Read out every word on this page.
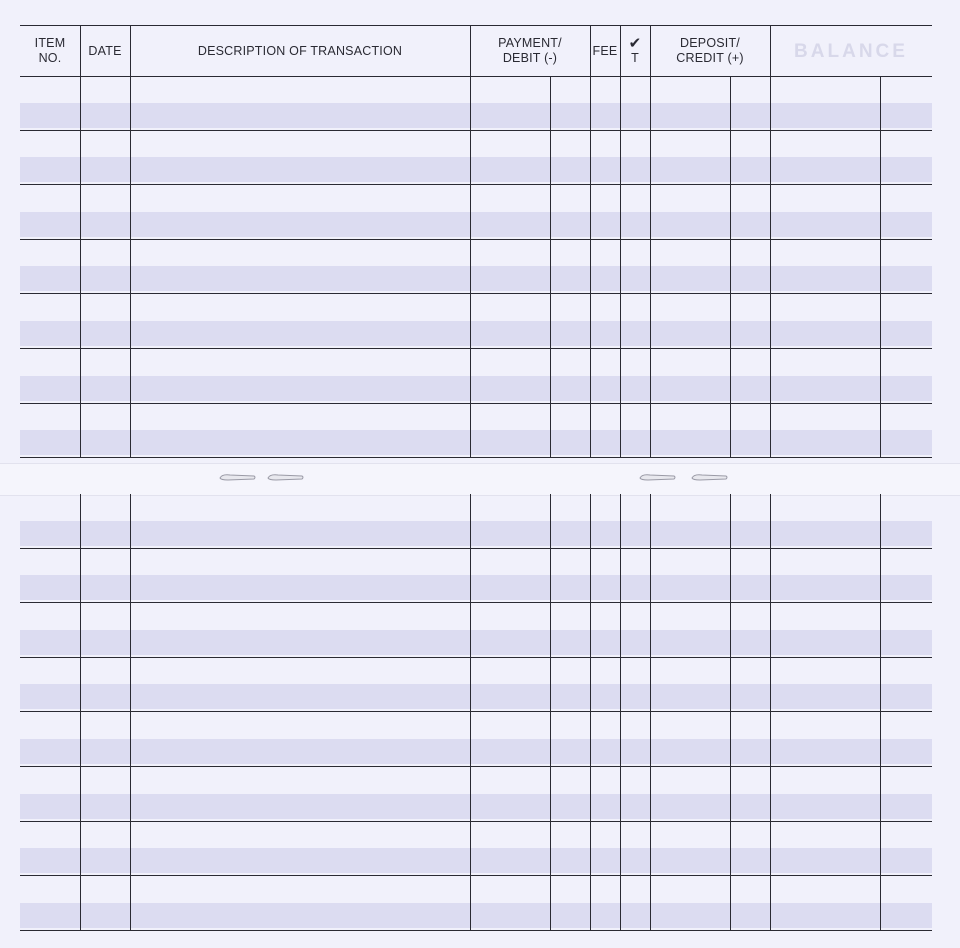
ITEM
NO.
DATE	DESCRIPTION OF TRANSACTION
PAYMENT/
DEBIT (-)
FEE ✔
T
DEPOSIT/
CREDIT (+)	BALANCE
